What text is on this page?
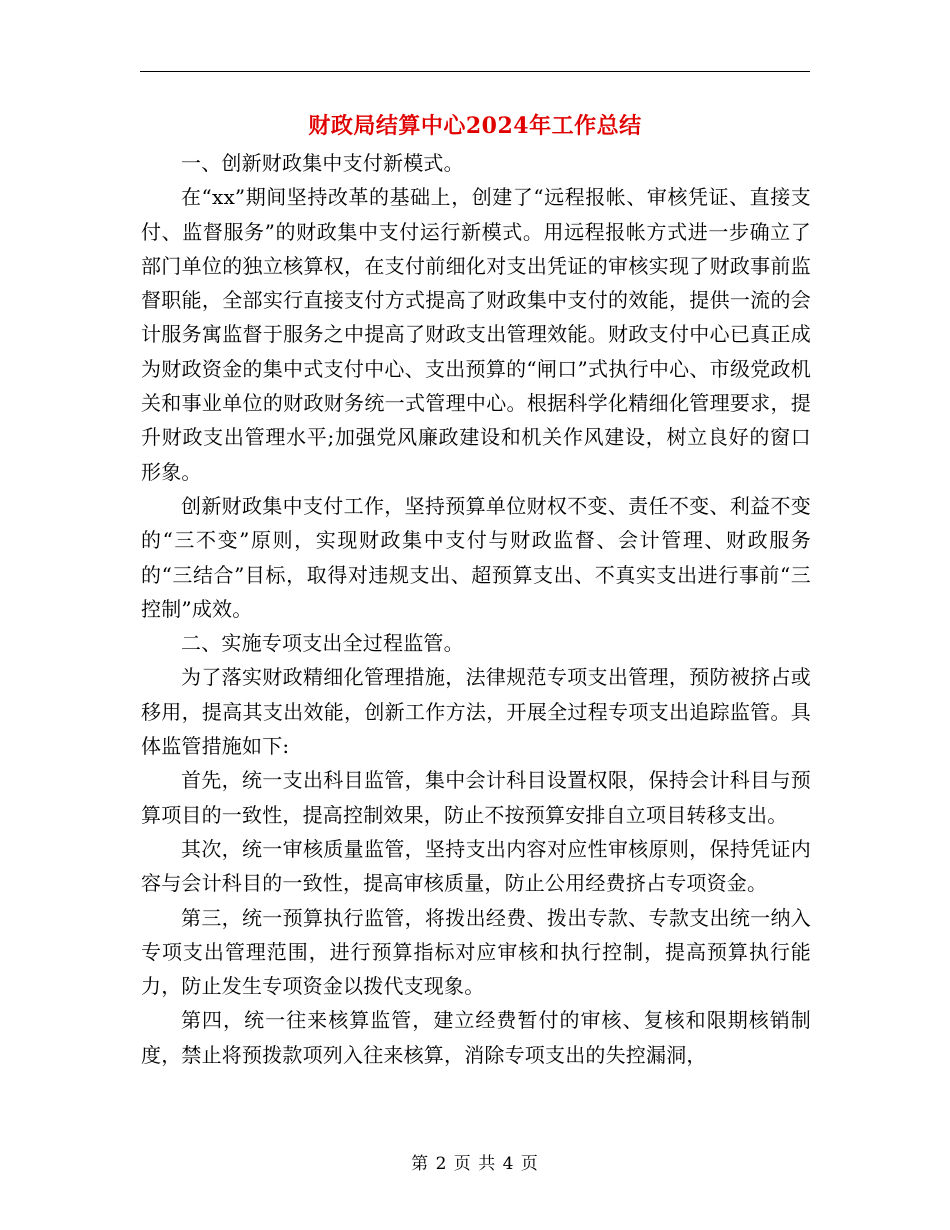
财政局结算中心2024年工作总结

一、创新财政集中支付新模式。

在“xx”期间坚持改革的基础上，创建了“远程报帐、审核凭证、直接支付、监督服务”的财政集中支付运行新模式。用远程报帐方式进一步确立了部门单位的独立核算权，在支付前细化对支出凭证的审核实现了财政事前监督职能，全部实行直接支付方式提高了财政集中支付的效能，提供一流的会计服务寓监督于服务之中提高了财政支出管理效能。财政支付中心已真正成为财政资金的集中式支付中心、支出预算的“闸口”式执行中心、市级党政机关和事业单位的财政财务统一式管理中心。根据科学化精细化管理要求，提升财政支出管理水平;加强党风廉政建设和机关作风建设，树立良好的窗口形象。

创新财政集中支付工作，坚持预算单位财权不变、责任不变、利益不变的“三不变”原则，实现财政集中支付与财政监督、会计管理、财政服务的“三结合”目标，取得对违规支出、超预算支出、不真实支出进行事前“三控制”成效。

二、实施专项支出全过程监管。

为了落实财政精细化管理措施，法律规范专项支出管理，预防被挤占或移用，提高其支出效能，创新工作方法，开展全过程专项支出追踪监管。具体监管措施如下:

首先，统一支出科目监管，集中会计科目设置权限，保持会计科目与预算项目的一致性，提高控制效果，防止不按预算安排自立项目转移支出。

其次，统一审核质量监管，坚持支出内容对应性审核原则，保持凭证内容与会计科目的一致性，提高审核质量，防止公用经费挤占专项资金。

第三，统一预算执行监管，将拨出经费、拨出专款、专款支出统一纳入专项支出管理范围，进行预算指标对应审核和执行控制，提高预算执行能力，防止发生专项资金以拨代支现象。

第四，统一往来核算监管，建立经费暂付的审核、复核和限期核销制度，禁止将预拨款项列入往来核算，消除专项支出的失控漏洞，

第 2 页 共 4 页
